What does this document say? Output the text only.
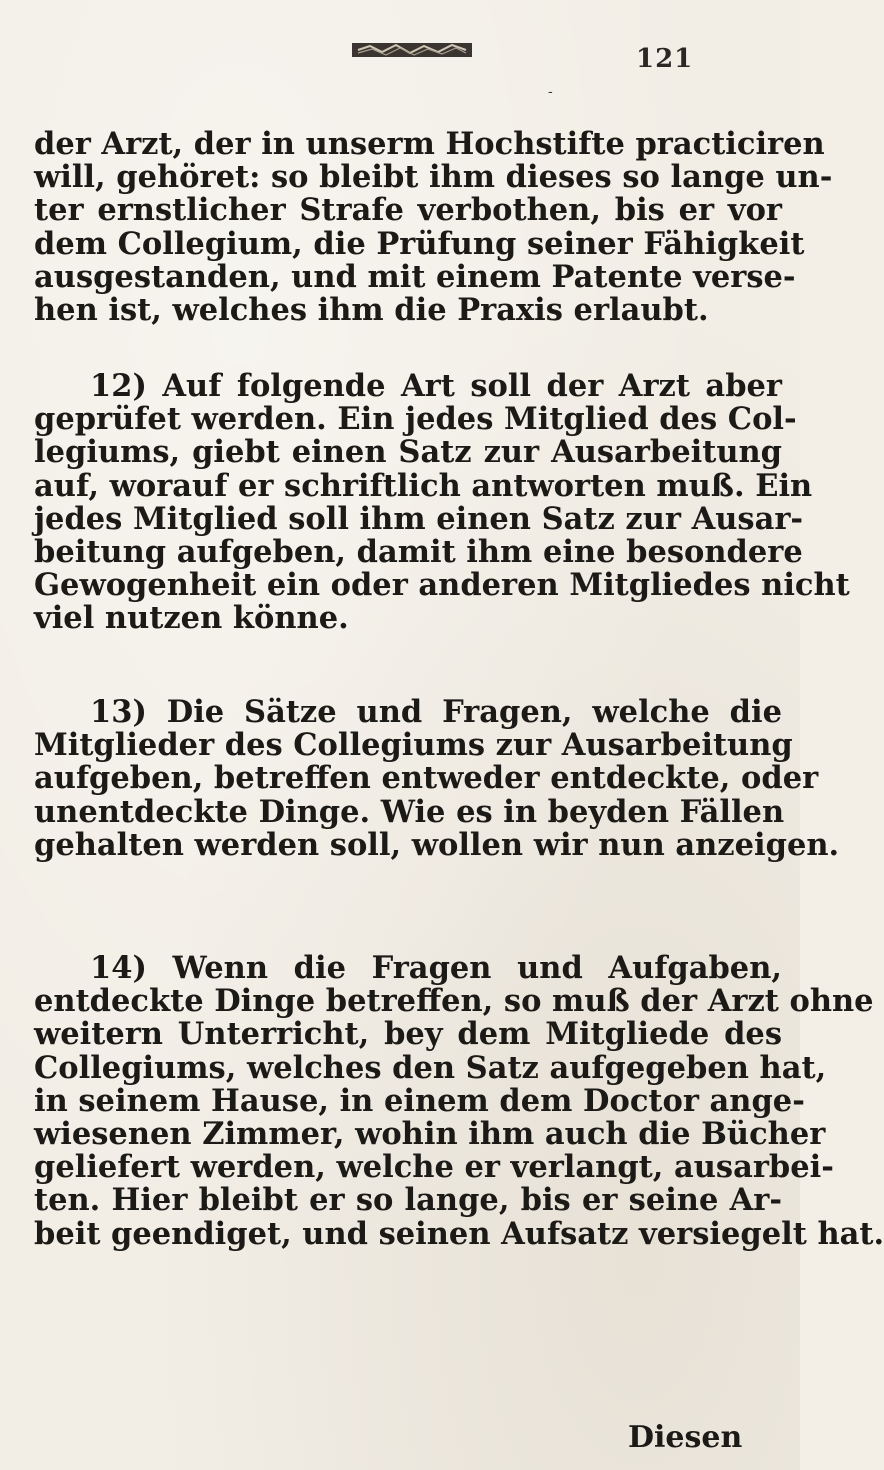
121
-
der Arzt, der in unserm Hochstifte practiciren
will, gehöret: so bleibt ihm dieses so lange un-
ter ernstlicher Strafe verbothen, bis er vor
dem Collegium, die Prüfung seiner Fähigkeit
ausgestanden, und mit einem Patente verse-
hen ist, welches ihm die Praxis erlaubt.
12) Auf folgende Art soll der Arzt aber
geprüfet werden. Ein jedes Mitglied des Col-
legiums, giebt einen Satz zur Ausarbeitung
auf, worauf er schriftlich antworten muß. Ein
jedes Mitglied soll ihm einen Satz zur Ausar-
beitung aufgeben, damit ihm eine besondere
Gewogenheit ein oder anderen Mitgliedes nicht
viel nutzen könne.
13) Die Sätze und Fragen, welche die
Mitglieder des Collegiums zur Ausarbeitung
aufgeben, betreffen entweder entdeckte, oder
unentdeckte Dinge. Wie es in beyden Fällen
gehalten werden soll, wollen wir nun anzeigen.
14) Wenn die Fragen und Aufgaben,
entdeckte Dinge betreffen, so muß der Arzt ohne
weitern Unterricht, bey dem Mitgliede des
Collegiums, welches den Satz aufgegeben hat,
in seinem Hause, in einem dem Doctor ange-
wiesenen Zimmer, wohin ihm auch die Bücher
geliefert werden, welche er verlangt, ausarbei-
ten. Hier bleibt er so lange, bis er seine Ar-
beit geendiget, und seinen Aufsatz versiegelt hat.
Diesen
